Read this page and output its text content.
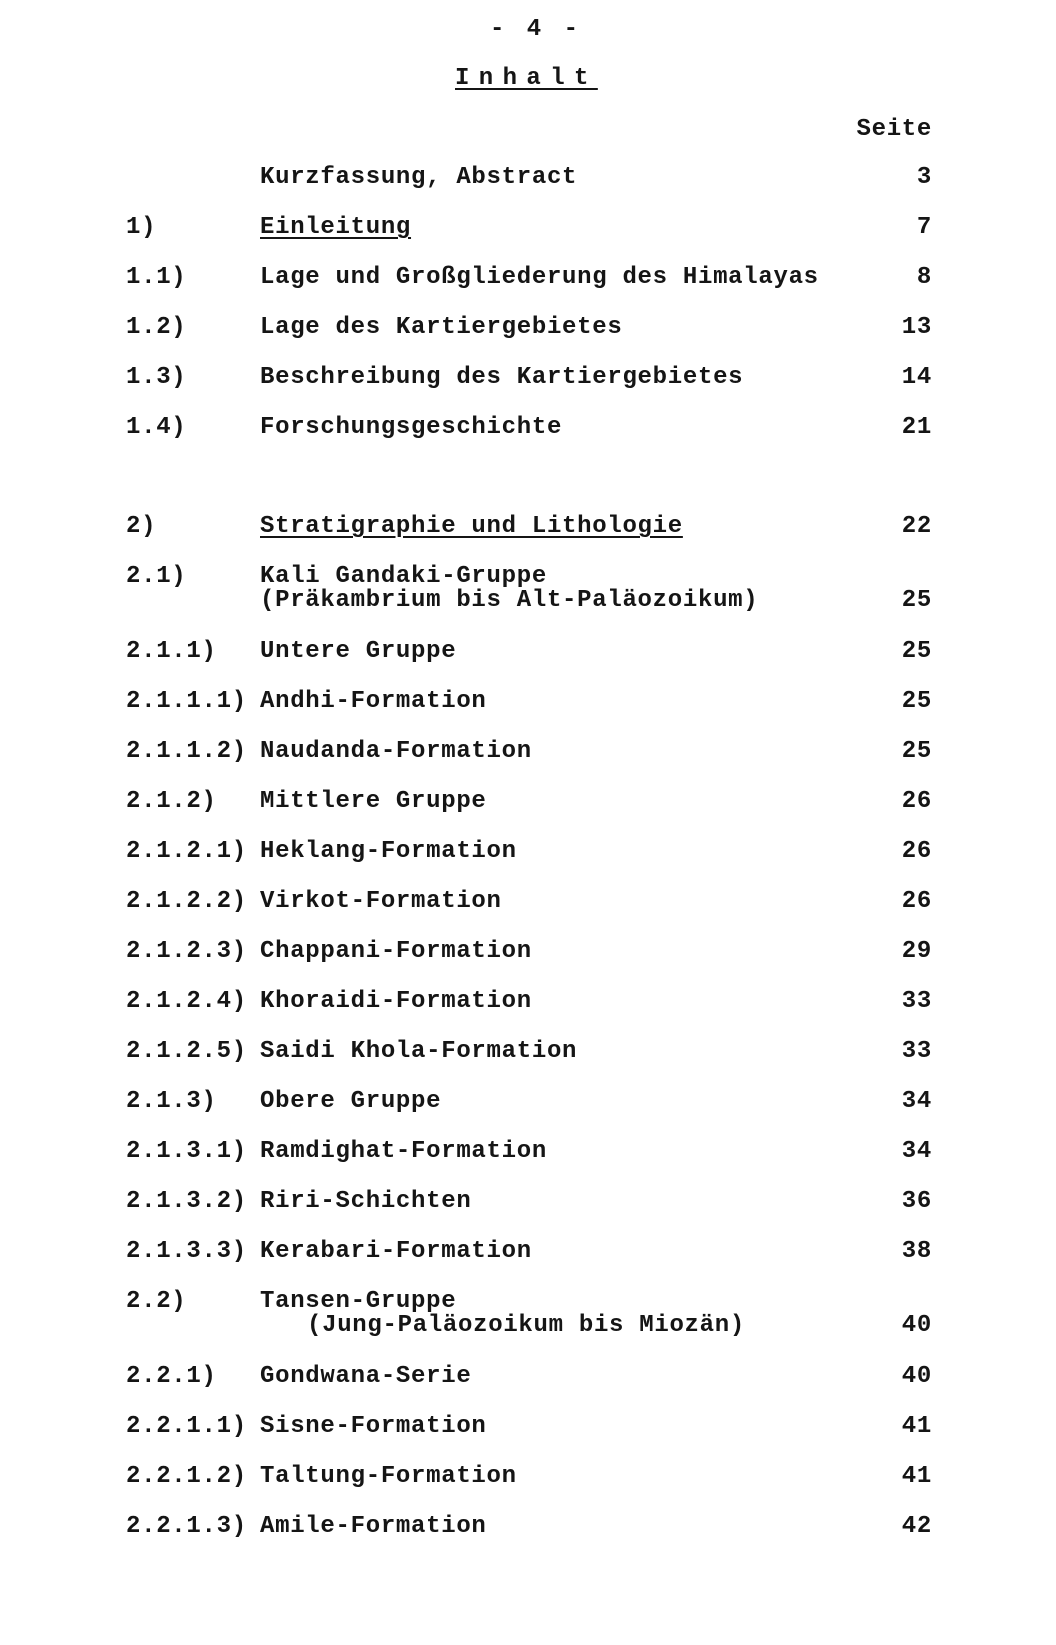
- 4 -
Inhalt
Seite
Kurzfassung, Abstract	3
1)	Einleitung	7
1.1)	Lage und Großgliederung des Himalayas	8
1.2)	Lage des Kartiergebietes	13
1.3)	Beschreibung des Kartiergebietes	14
1.4)	Forschungsgeschichte	21
2)	Stratigraphie und Lithologie	22
2.1)	Kali Gandaki-Gruppe
(Präkambrium bis Alt-Paläozoikum)	25
2.1.1) Untere Gruppe	25
2.1.1.1) Andhi-Formation	25
2.1.1.2) Naudanda-Formation	25
2.1.2) Mittlere Gruppe	26
2.1.2.1) Heklang-Formation	26
2.1.2.2) Virkot-Formation	26
2.1.2.3) Chappani-Formation	29
2.1.2.4) Khoraidi-Formation	33
2.1.2.5) Saidi Khola-Formation	33
2.1.3) Obere Gruppe	34
2.1.3.1) Ramdighat-Formation	34
2.1.3.2) Riri-Schichten	36
2.1.3.3) Kerabari-Formation	38
2.2)	Tansen-Gruppe
(Jung-Paläozoikum bis Miozän)	40
2.2.1) Gondwana-Serie	40
2.2.1.1) Sisne-Formation	41
2.2.1.2) Taltung-Formation	41
2.2.1.3) Amile-Formation	42
